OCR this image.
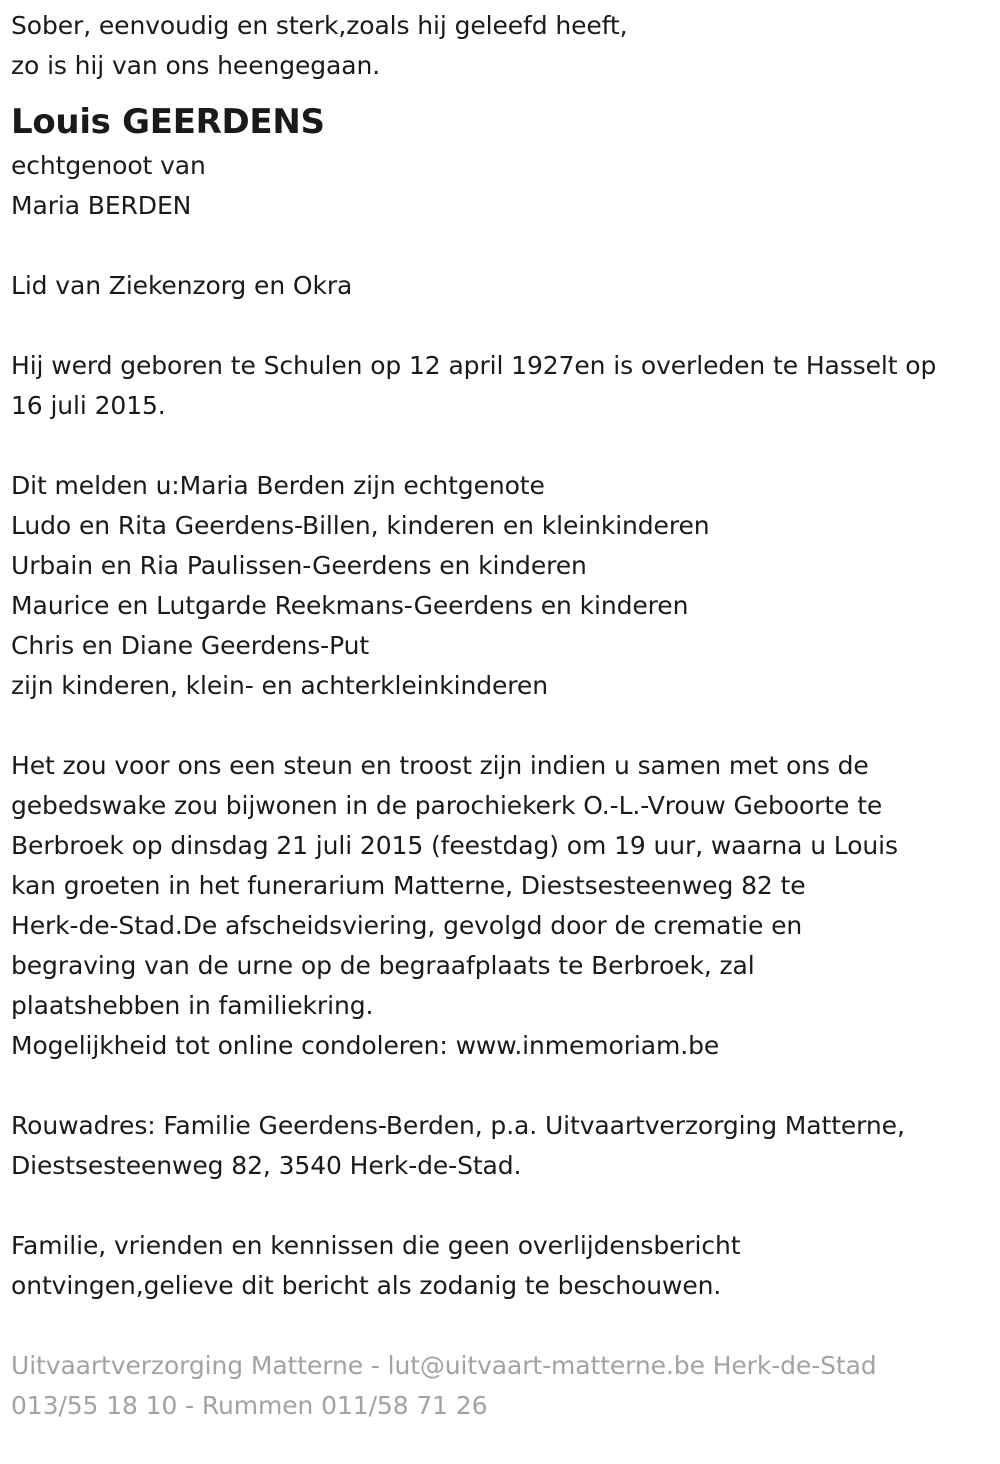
Sober, eenvoudig en sterk,zoals hij geleefd heeft,
zo is hij van ons heengegaan.
Louis GEERDENS
echtgenoot van
Maria BERDEN
Lid van Ziekenzorg en Okra
Hij werd geboren te Schulen op 12 april 1927en is overleden te Hasselt op
16 juli 2015.
Dit melden u:Maria Berden zijn echtgenote
Ludo en Rita Geerdens-Billen, kinderen en kleinkinderen
Urbain en Ria Paulissen-Geerdens en kinderen
Maurice en Lutgarde Reekmans-Geerdens en kinderen
Chris en Diane Geerdens-Put
zijn kinderen, klein- en achterkleinkinderen
Het zou voor ons een steun en troost zijn indien u samen met ons de
gebedswake zou bijwonen in de parochiekerk O.-L.-Vrouw Geboorte te
Berbroek op dinsdag 21 juli 2015 (feestdag) om 19 uur, waarna u Louis
kan groeten in het funerarium Matterne, Diestsesteenweg 82 te
Herk-de-Stad.De afscheidsviering, gevolgd door de crematie en
begraving van de urne op de begraafplaats te Berbroek, zal
plaatshebben in familiekring.
Mogelijkheid tot online condoleren: www.inmemoriam.be
Rouwadres: Familie Geerdens-Berden, p.a. Uitvaartverzorging Matterne,
Diestsesteenweg 82, 3540 Herk-de-Stad.
Familie, vrienden en kennissen die geen overlijdensbericht
ontvingen,gelieve dit bericht als zodanig te beschouwen.
Uitvaartverzorging Matterne - lut@uitvaart-matterne.be Herk-de-Stad
013/55 18 10 - Rummen 011/58 71 26
